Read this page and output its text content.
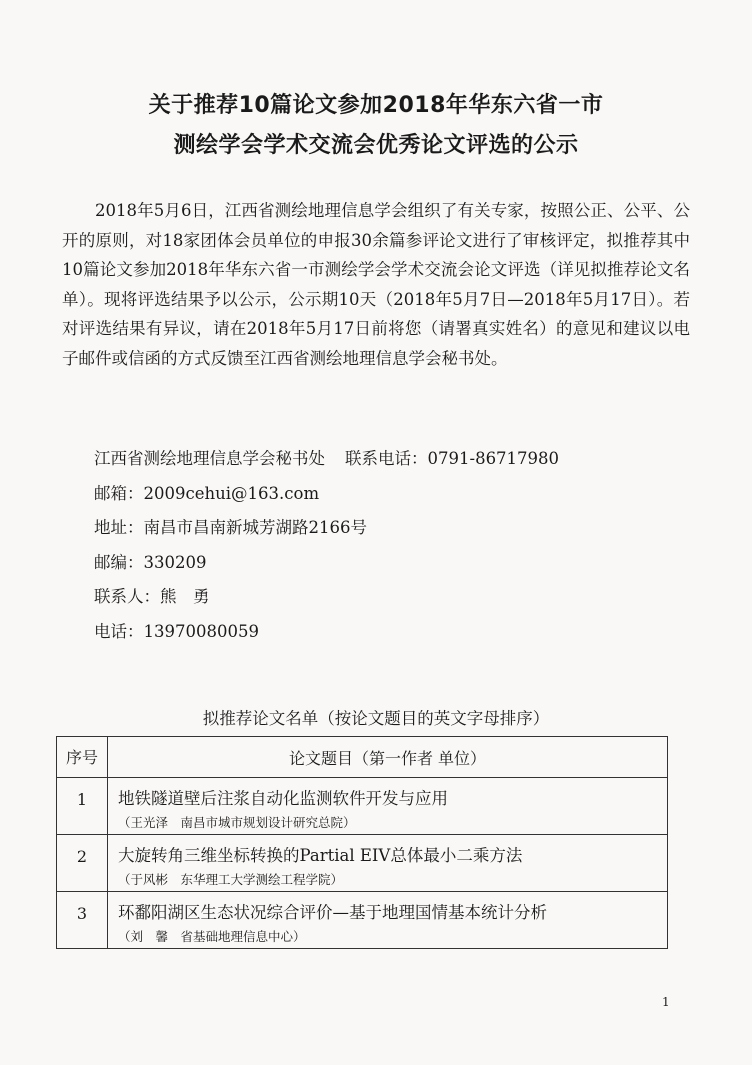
关于推荐10篇论文参加2018年华东六省一市
测绘学会学术交流会优秀论文评选的公示

2018年5月6日，江西省测绘地理信息学会组织了有关专家，按照公正、公平、公开的原则，对18家团体会员单位的申报30余篇参评论文进行了审核评定，拟推荐其中10篇论文参加2018年华东六省一市测绘学会学术交流会论文评选（详见拟推荐论文名单）。现将评选结果予以公示，公示期10天（2018年5月7日—2018年5月17日）。若对评选结果有异议，请在2018年5月17日前将您（请署真实姓名）的意见和建议以电子邮件或信函的方式反馈至江西省测绘地理信息学会秘书处。

江西省测绘地理信息学会秘书处 联系电话：0791-86717980
邮箱：2009cehui@163.com
地址：南昌市昌南新城芳湖路2166号
邮编：330209
联系人：熊　勇
电话：13970080059
拟推荐论文名单（按论文题目的英文字母排序）
序号	论文题目（第一作者 单位）
1	地铁隧道壁后注浆自动化监测软件开发与应用
（王光泽　南昌市城市规划设计研究总院）

2	大旋转角三维坐标转换的Partial EIV总体最小二乘方法
（于风彬　东华理工大学测绘工程学院）

3	环鄱阳湖区生态状况综合评价—基于地理国情基本统计分析
（刘　馨　省基础地理信息中心）
1
